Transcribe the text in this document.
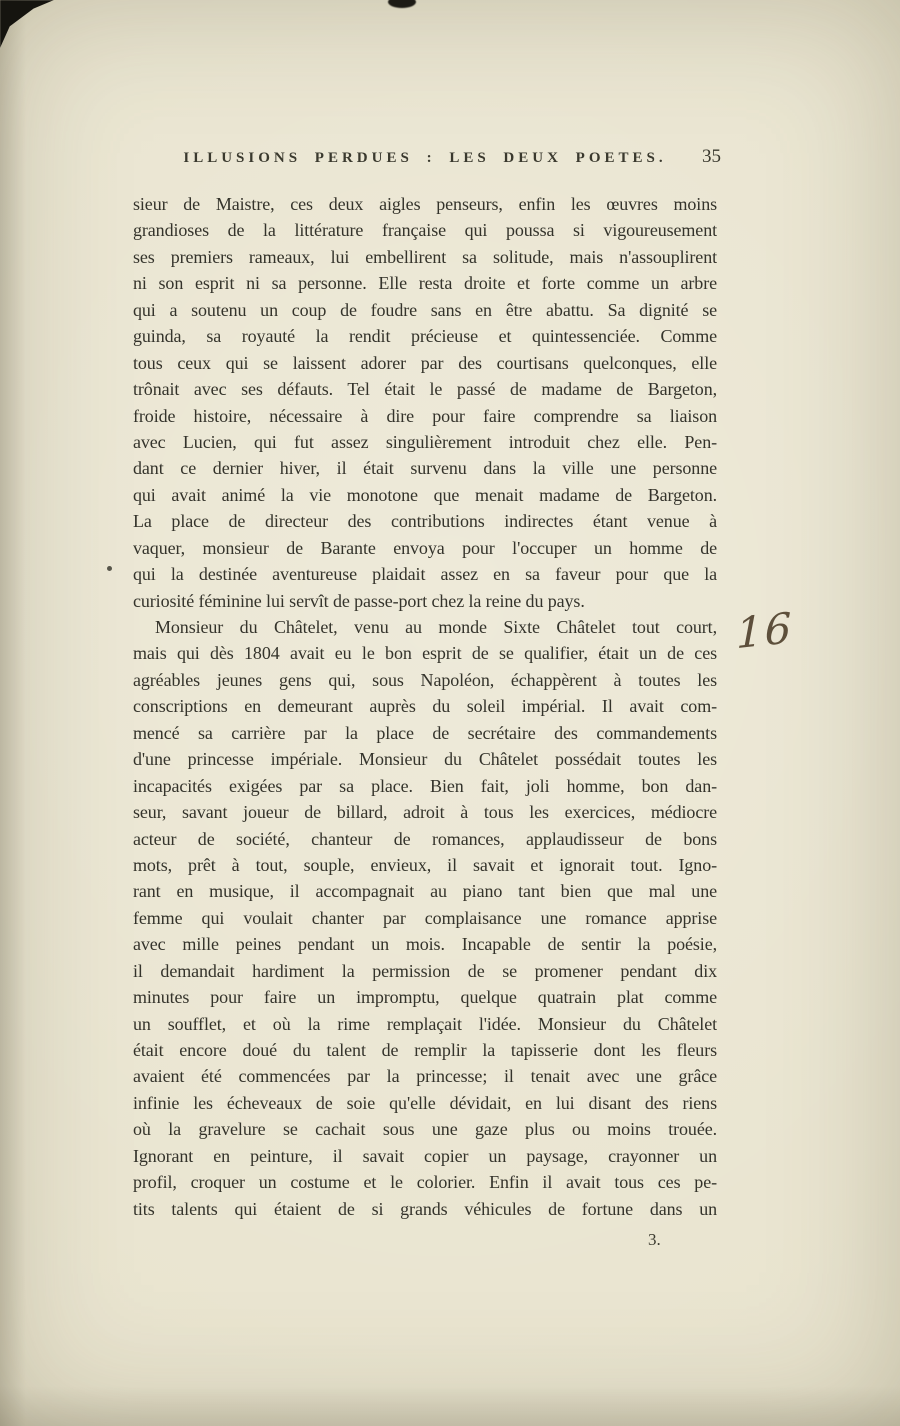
ILLUSIONS PERDUES : LES DEUX POETES.	35
sieur de Maistre, ces deux aigles penseurs, enfin les œuvres moins
grandioses de la littérature française qui poussa si vigoureusement
ses premiers rameaux, lui embellirent sa solitude, mais n'assouplirent
ni son esprit ni sa personne. Elle resta droite et forte comme un arbre
qui a soutenu un coup de foudre sans en être abattu. Sa dignité se
guinda, sa royauté la rendit précieuse et quintessenciée. Comme
tous ceux qui se laissent adorer par des courtisans quelconques, elle
trônait avec ses défauts. Tel était le passé de madame de Bargeton,
froide histoire, nécessaire à dire pour faire comprendre sa liaison
avec Lucien, qui fut assez singulièrement introduit chez elle. Pen-
dant ce dernier hiver, il était survenu dans la ville une personne
qui avait animé la vie monotone que menait madame de Bargeton.
La place de directeur des contributions indirectes étant venue à
vaquer, monsieur de Barante envoya pour l'occuper un homme de
qui la destinée aventureuse plaidait assez en sa faveur pour que la
curiosité féminine lui servît de passe-port chez la reine du pays.
Monsieur du Châtelet, venu au monde Sixte Châtelet tout court,
mais qui dès 1804 avait eu le bon esprit de se qualifier, était un de ces
agréables jeunes gens qui, sous Napoléon, échappèrent à toutes les
conscriptions en demeurant auprès du soleil impérial. Il avait com-
mencé sa carrière par la place de secrétaire des commandements
d'une princesse impériale. Monsieur du Châtelet possédait toutes les
incapacités exigées par sa place. Bien fait, joli homme, bon dan-
seur, savant joueur de billard, adroit à tous les exercices, médiocre
acteur de société, chanteur de romances, applaudisseur de bons
mots, prêt à tout, souple, envieux, il savait et ignorait tout. Igno-
rant en musique, il accompagnait au piano tant bien que mal une
femme qui voulait chanter par complaisance une romance apprise
avec mille peines pendant un mois. Incapable de sentir la poésie,
il demandait hardiment la permission de se promener pendant dix
minutes pour faire un impromptu, quelque quatrain plat comme
un soufflet, et où la rime remplaçait l'idée. Monsieur du Châtelet
était encore doué du talent de remplir la tapisserie dont les fleurs
avaient été commencées par la princesse; il tenait avec une grâce
infinie les écheveaux de soie qu'elle dévidait, en lui disant des riens
où la gravelure se cachait sous une gaze plus ou moins trouée.
Ignorant en peinture, il savait copier un paysage, crayonner un
profil, croquer un costume et le colorier. Enfin il avait tous ces pe-
tits talents qui étaient de si grands véhicules de fortune dans un
16
3.
